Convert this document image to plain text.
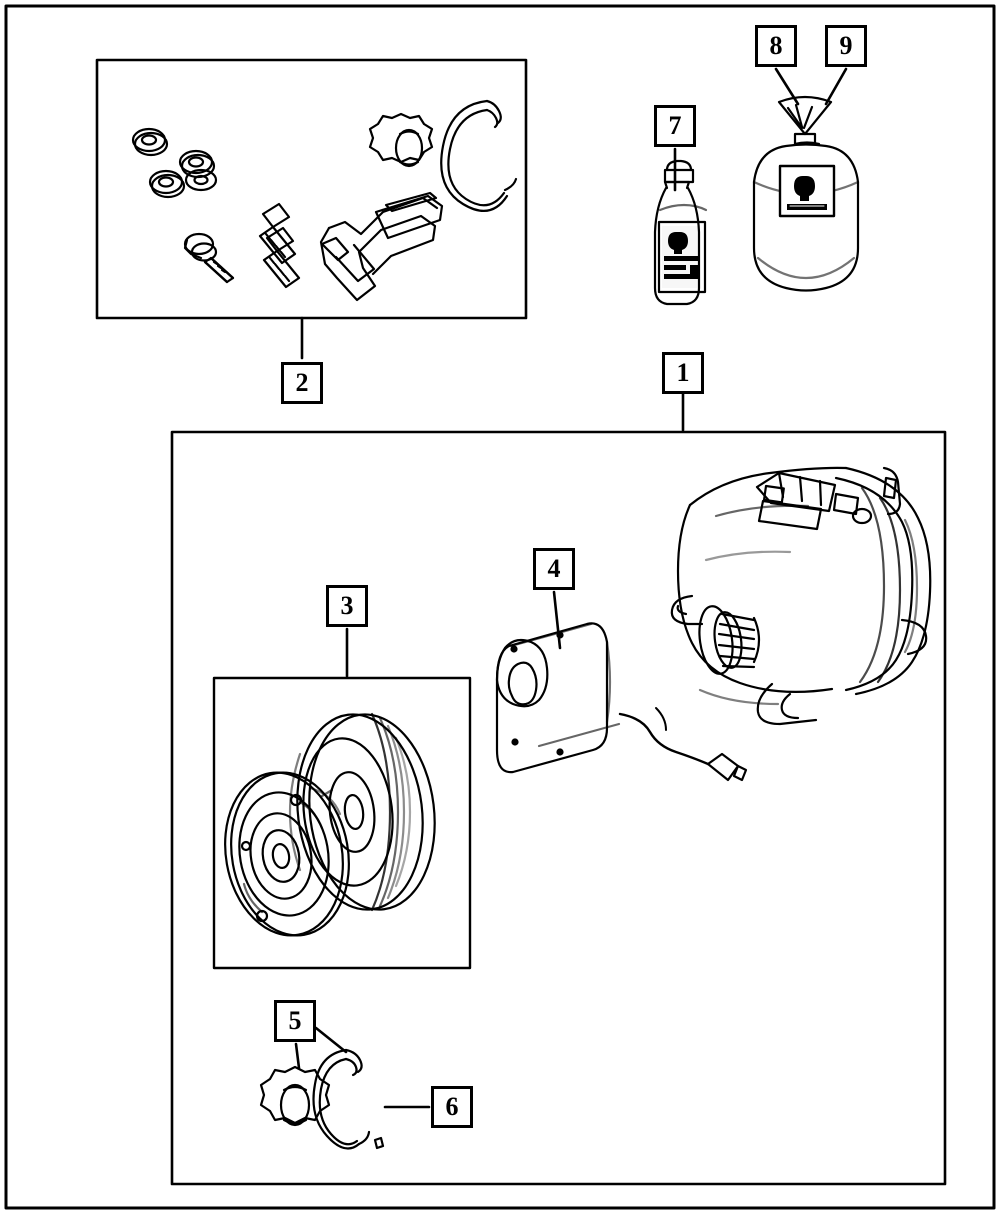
1
2
3
4
5
6
7
8 9
